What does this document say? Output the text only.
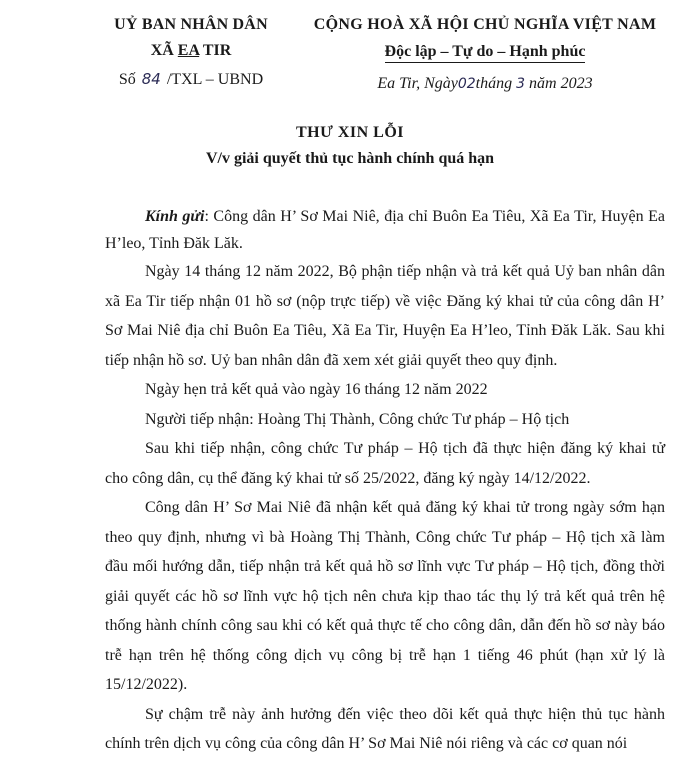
UỶ BAN NHÂN DÂN
XÃ EA TIR
Số 84 /TXL – UBND
CỘNG HOÀ XÃ HỘI CHỦ NGHĨA VIỆT NAM
Độc lập – Tự do – Hạnh phúc
Ea Tir, Ngày02tháng 3 năm 2023
THƯ XIN LỖI
V/v giải quyết thủ tục hành chính quá hạn

Kính gửi: Công dân H’ Sơ Mai Niê, địa chỉ Buôn Ea Tiêu, Xã Ea Tir, Huyện Ea H’leo, Tỉnh Đăk Lăk.

Ngày 14 tháng 12 năm 2022, Bộ phận tiếp nhận và trả kết quả Uỷ ban nhân dân xã Ea Tir tiếp nhận 01 hồ sơ (nộp trực tiếp) về việc Đăng ký khai tử của công dân H’ Sơ Mai Niê địa chỉ Buôn Ea Tiêu, Xã Ea Tir, Huyện Ea H’leo, Tỉnh Đăk Lăk. Sau khi tiếp nhận hồ sơ. Uỷ ban nhân dân đã xem xét giải quyết theo quy định.

Ngày hẹn trả kết quả vào ngày 16 tháng 12 năm 2022

Người tiếp nhận: Hoàng Thị Thành, Công chức Tư pháp – Hộ tịch

Sau khi tiếp nhận, công chức Tư pháp – Hộ tịch đã thực hiện đăng ký khai tử cho công dân, cụ thể đăng ký khai tử số 25/2022, đăng ký ngày 14/12/2022.

Công dân H’ Sơ Mai Niê đã nhận kết quả đăng ký khai tử trong ngày sớm hạn theo quy định, nhưng vì bà Hoàng Thị Thành, Công chức Tư pháp – Hộ tịch xã làm đầu mối hướng dẫn, tiếp nhận trả kết quả hồ sơ lĩnh vực Tư pháp – Hộ tịch, đồng thời giải quyết các hồ sơ lĩnh vực hộ tịch nên chưa kịp thao tác thụ lý trả kết quả trên hệ thống hành chính công sau khi có kết quả thực tế cho công dân, dẫn đến hồ sơ này báo trễ hạn trên hệ thống công dịch vụ công bị trễ hạn 1 tiếng 46 phút (hạn xử lý là 15/12/2022).

Sự chậm trễ này ảnh hưởng đến việc theo dõi kết quả thực hiện thủ tục hành chính trên dịch vụ công của công dân H’ Sơ Mai Niê nói riêng và các cơ quan nói
